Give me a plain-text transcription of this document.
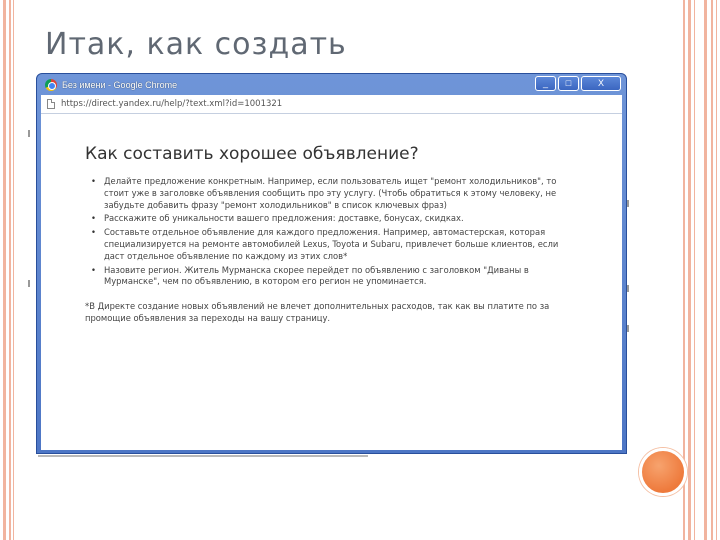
Итак, как создать
Без имени - Google Chrome	_	□	X
https://direct.yandex.ru/help/?text.xml?id=1001321
Как составить хорошее объявление?
• Делайте предложение конкретным. Например, если пользователь ищет "ремонт холодильников", то стоит уже в заголовке объявления сообщить про эту услугу. (Чтобь обратиться к этому человеку, не забудьте добавить фразу "ремонт холодильников" в список ключевых фраз)
• Расскажите об уникальности вашего предложения: доставке, бонусах, скидках.
• Составьте отдельное объявление для каждого предложения. Например, автомастерская, которая специализируется на ремонте автомобилей Lexus, Toyota и Subaru, привлечет больше клиентов, если даст отдельное объявление по каждому из этих слов*
• Назовите регион. Житель Мурманска скорее перейдет по объявлению с заголовком "Диваны в Мурманске", чем по объявлению, в котором его регион не упоминается.

*В Директе создание новых объявлений не влечет дополнительных расходов, так как вы платите по за промощие объявления за переходы на вашу страницу.
